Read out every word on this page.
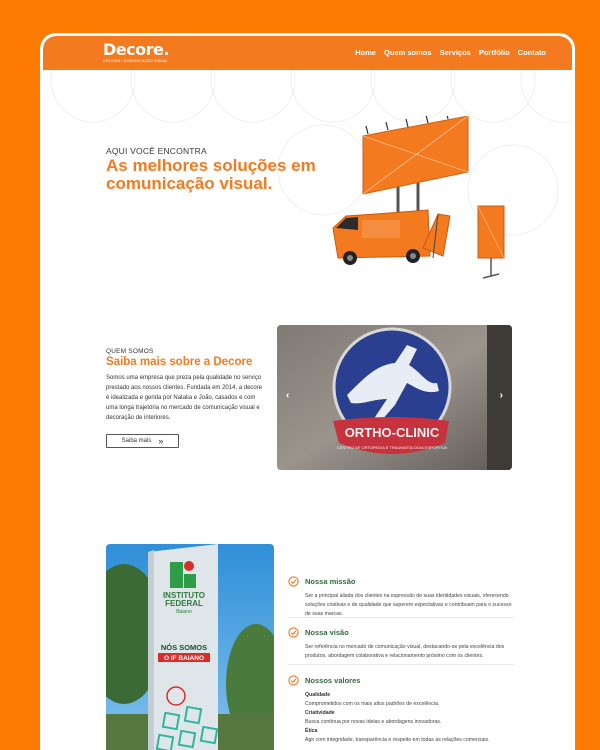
Decore.
DESIGNS • COMUNICAÇÃO VISUAL
Home Quem somos Serviços Portfólio Contato
AQUI VOCÊ ENCONTRA
As melhores soluções em comunicação visual.
QUEM SOMOS
Saiba mais sobre a Decore

Somos uma empresa que preza pela qualidade no serviço prestado aos nossos clientes. Fundada em 2014, a decore é idealizada e gerida por Natalia e João, casados e com uma longa trajetória no mercado de comunicação visual e decoração de interiores.

Saiba mais »
ORTHO-CLINIC
CENTRO DE ORTOPEDIA E TRAUMATOLOGIA ESPORTIVA
‹	›
INSTITUTO
FEDERAL
Baiano
NÓS SOMOS
O IF BAIANO
Nossa missão

Ser a principal aliada dos clientes na expressão de suas identidades visuais, oferecendo soluções criativas e de qualidade que superem expectativas e contribuam para o sucesso de suas marcas.

Nossa visão

Ser referência no mercado de comunicação visual, destacando-se pela excelência dos produtos, abordagem colaborativa e relacionamento próximo com os clientes.

Nossos valores
Qualidade
Comprometidos com os mais altos padrões de excelência.
Criatividade
Busca contínua por novas ideias e abordagens inovadoras.
Ética
Agir com integridade, transparência e respeito em todas as relações comerciais.
